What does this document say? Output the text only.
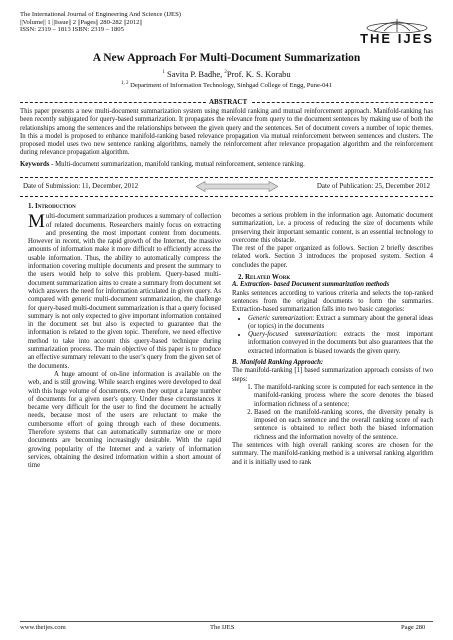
The International Journal of Engineering And Science (IJES)
||Volume|| 1 ||Issue|| 2 ||Pages|| 280-282 ||2012||
ISSN: 2319 – 1813 ISBN: 2319 – 1805
THE IJES
A New Approach For Multi-Document Summarization
$^1$ Savita P. Badhe, $^2$Prof. K. S. Korabu
$^{1, 2}$ Department of Information Technology, Sinhgad College of Engg, Pune-041
ABSTRACT
This paper presents a new multi-document summarization system using manifold ranking and mutual reinforcement approach. Manifold-ranking has been recently subjugated for query-based summarization. It propagates the relevance from query to the document sentences by making use of both the relationships among the sentences and the relationships between the given query and the sentences. Set of document covers a number of topic themes. In this a model is proposed to enhance manifold-ranking based relevance propagation via mutual reinforcement between sentences and clusters. The proposed model uses two new sentence ranking algorithms, namely the reinforcement after relevance propagation algorithm and the reinforcement during relevance propagation algorithm.
Keywords - Multi-document summarization, manifold ranking, mutual reinforcement, sentence ranking.
Date of Submission: 11, December, 2012	Date of Publication: 25, December 2012
1. Introduction

Multi-document summarization produces a summary of collection of related documents. Researchers mainly focus on extracting and presenting the most important content from documents. However in recent, with the rapid growth of the Internet, the massive amounts of information make it more difficult to efficiently access the usable information. Thus, the ability to automatically compress the information covering multiple documents and present the summary to the users would help to solve this problem. Query-based multi-document summarization aims to create a summary from document set which answers the need for information articulated in given query. As compared with generic multi-document summarization, the challenge for query-based multi-document summarization is that a query focused summary is not only expected to give important information contained in the document set but also is expected to guarantee that the information is related to the given topic. Therefore, we need effective method to take into account this query-based technique during summarization process. The main objective of this paper is to produce an effective summary relevant to the user’s query from the given set of the documents.

A huge amount of on-line information is available on the web, and is still growing. While search engines were developed to deal with this huge volume of documents, even they output a large number of documents for a given user's query. Under these circumstances it became very difficult for the user to find the document he actually needs, because most of the users are reluctant to make the cumbersome effort of going through each of these documents. Therefore systems that can automatically summarize one or more documents are becoming increasingly desirable. With the rapid growing popularity of the Internet and a variety of information services, obtaining the desired information within a short amount of time

becomes a serious problem in the information age. Automatic document summarization, i.e. a process of reducing the size of documents while preserving their important semantic content, is an essential technology to overcome this obstacle.

The rest of the paper organized as follows. Section 2 briefly describes related work. Section 3 introduces the proposed system. Section 4 concludes the paper.

2. Related Work
A. Extraction- based Document summarization methods

Ranks sentences according to various criteria and selects the top-ranked sentences from the original documents to form the summaries. Extraction-based summarization falls into two basic categories:

• Generic summarization: Extract a summary about the general ideas (or topics) in the documents
• Query-focused summarization: extracts the most important information conveyed in the documents but also guarantees that the extracted information is biased towards the given query.
B. Manifold Ranking Approach:

The manifold-ranking [1] based summarization approach consists of two steps:

1. The manifold-ranking score is computed for each sentence in the manifold-ranking process where the score denotes the biased information richness of a sentence;
2. Based on the manifold-ranking scores, the diversity penalty is imposed on each sentence and the overall ranking score of each sentence is obtained to reflect both the biased information richness and the information novelty of the sentence.

The sentences with high overall ranking scores are chosen for the summary. The manifold-ranking method is a universal ranking algorithm and it is initially used to rank

www.theijes.com	The IJES	Page 280
